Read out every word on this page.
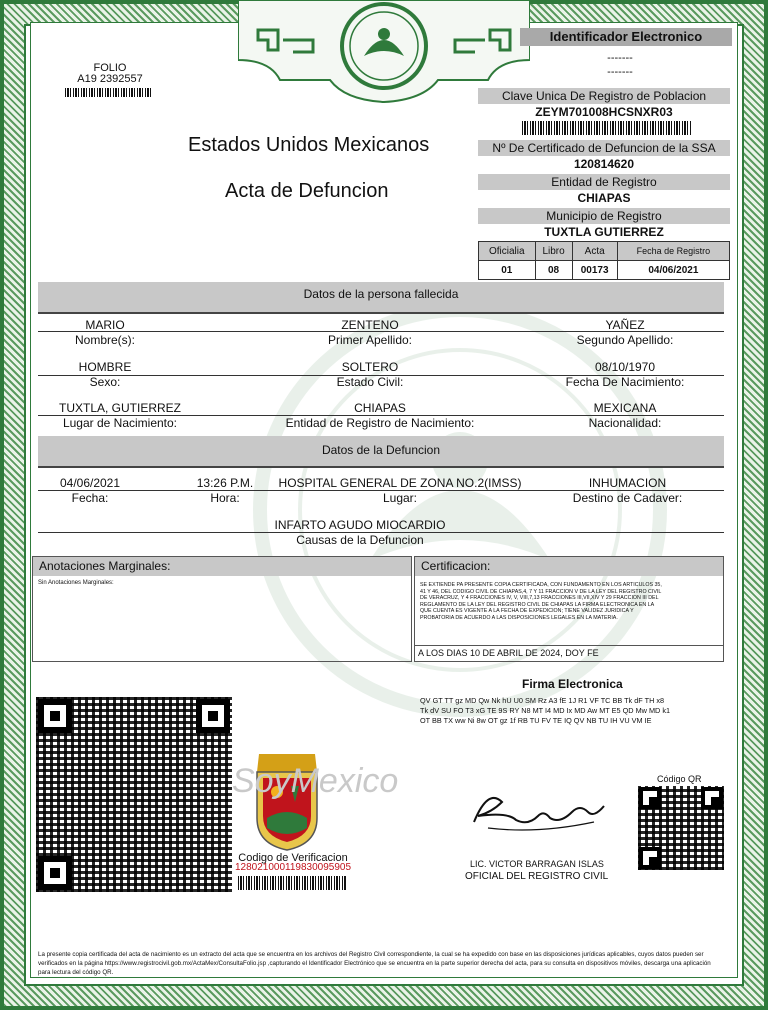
FOLIO
A19 2392557
Estados Unidos Mexicanos
Acta de Defuncion
Identificador Electronico
-------
-------
Clave Unica De Registro de Poblacion
ZEYM701008HCSNXR03
Nº De Certificado de Defuncion de la SSA
120814620
Entidad de Registro
CHIAPAS
Municipio de Registro
TUXTLA GUTIERREZ
Oficialia	Libro	Acta	Fecha de Registro
01	08	00173	04/06/2021
Datos de la persona fallecida
MARIO
Nombre(s):
ZENTENO
Primer Apellido:
YAÑEZ
Segundo Apellido:
HOMBRE
Sexo:
SOLTERO
Estado Civil:
08/10/1970
Fecha De Nacimiento:
TUXTLA, GUTIERREZ
Lugar de Nacimiento:
CHIAPAS
Entidad de Registro de Nacimiento:
MEXICANA
Nacionalidad:
Datos de la Defuncion
04/06/2021
Fecha:
13:26 P.M.
Hora:
HOSPITAL GENERAL DE ZONA NO.2(IMSS)
Lugar:
INHUMACION
Destino de Cadaver:
INFARTO AGUDO MIOCARDIO
Causas de la Defuncion
Anotaciones Marginales:
Sin Anotaciones Marginales:
Certificacion:
SE EXTIENDE PA PRESENTE COPIA CERTIFICADA, CON FUNDAMENTO EN LOS ARTICULOS 35, 41 Y 46, DEL CODIGO CIVIL DE CHIAPAS,4, 7 Y 11 FRACCION V DE LA LEY DEL REGISTRO CIVIL DE VERACRUZ, Y 4 FRACCIONES IV, V, VIII,7,13 FRACCIONES III,VII,XIV Y 29 FRACCION III DEL REGLAMENTO DE LA LEY DEL REGISTRO CIVIL DE CHIAPAS LA FIRMA ELECTRONICA EN LA QUE CUENTA ES VIGENTE A LA FECHA DE EXPEDICION; TIENE VALIDEZ JURIDICA Y PROBATORIA DE ACUERDO A LAS DISPOSICIONES LEGALES EN LA MATERIA.
A LOS DIAS 10 DE ABRIL DE 2024, DOY FE
Firma Electronica
QV GT TT gz MD Qw Nk hU U0 SM Rz A3 fE 1J R1 VF TC BB Tk dF TH x8
Tk dV SU FO T3 xG TE 9S RY N8 MT I4 MD Ix MD Aw MT E5 QD Mw MD k1
OT BB TX ww Ni 8w OT gz 1f RB TU FV TE IQ QV NB TU IH VU VM IE
SoyMexico
Codigo de Verificacion
128021000119830095905	LIC. VICTOR BARRAGAN ISLAS
OFICIAL DEL REGISTRO CIVIL
Código QR
La presente copia certificada del acta de nacimiento es un extracto del acta que se encuentra en los archivos del Registro Civil correspondiente, la cual se ha expedido con base en las disposiciones jurídicas aplicables, cuyos datos pueden ser verificados en la página https://www.registrocivil.gob.mx/ActaMex/ConsultaFolio.jsp ,capturando el Identificador Electrónico que se encuentra en la parte superior derecha del acta, para su consulta en dispositivos móviles, descarga una aplicación para lectura del código QR.
